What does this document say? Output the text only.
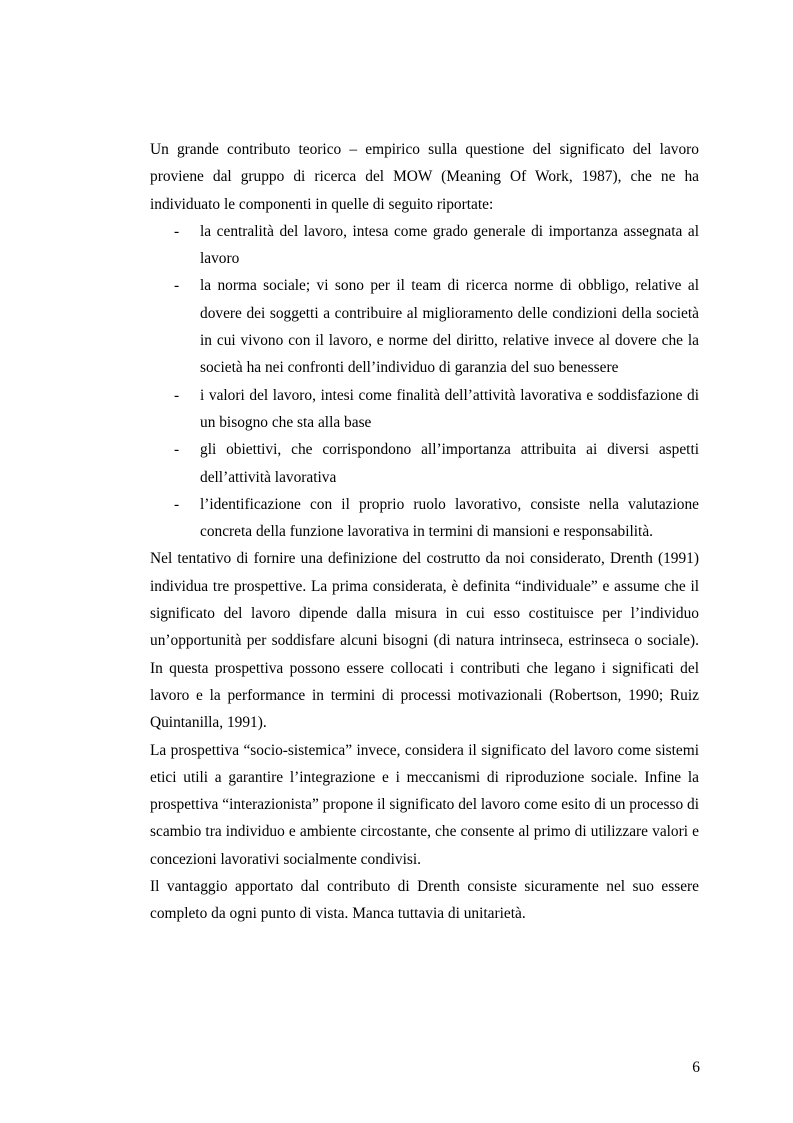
Un grande contributo teorico – empirico sulla questione del significato del lavoro proviene dal gruppo di ricerca del MOW (Meaning Of Work, 1987), che ne ha individuato le componenti in quelle di seguito riportate:

- la centralità del lavoro, intesa come grado generale di importanza assegnata al lavoro
- la norma sociale; vi sono per il team di ricerca norme di obbligo, relative al dovere dei soggetti a contribuire al miglioramento delle condizioni della società in cui vivono con il lavoro, e norme del diritto, relative invece al dovere che la società ha nei confronti dell’individuo di garanzia del suo benessere
- i valori del lavoro, intesi come finalità dell’attività lavorativa e soddisfazione di un bisogno che sta alla base
- gli obiettivi, che corrispondono all’importanza attribuita ai diversi aspetti dell’attività lavorativa
- l’identificazione con il proprio ruolo lavorativo, consiste nella valutazione concreta della funzione lavorativa in termini di mansioni e responsabilità.

Nel tentativo di fornire una definizione del costrutto da noi considerato, Drenth (1991) individua tre prospettive. La prima considerata, è definita “individuale” e assume che il significato del lavoro dipende dalla misura in cui esso costituisce per l’individuo un’opportunità per soddisfare alcuni bisogni (di natura intrinseca, estrinseca o sociale). In questa prospettiva possono essere collocati i contributi che legano i significati del lavoro e la performance in termini di processi motivazionali (Robertson, 1990; Ruiz Quintanilla, 1991).

La prospettiva “socio-sistemica” invece, considera il significato del lavoro come sistemi etici utili a garantire l’integrazione e i meccanismi di riproduzione sociale. Infine la prospettiva “interazionista” propone il significato del lavoro come esito di un processo di scambio tra individuo e ambiente circostante, che consente al primo di utilizzare valori e concezioni lavorativi socialmente condivisi.

Il vantaggio apportato dal contributo di Drenth consiste sicuramente nel suo essere completo da ogni punto di vista. Manca tuttavia di unitarietà.

6
